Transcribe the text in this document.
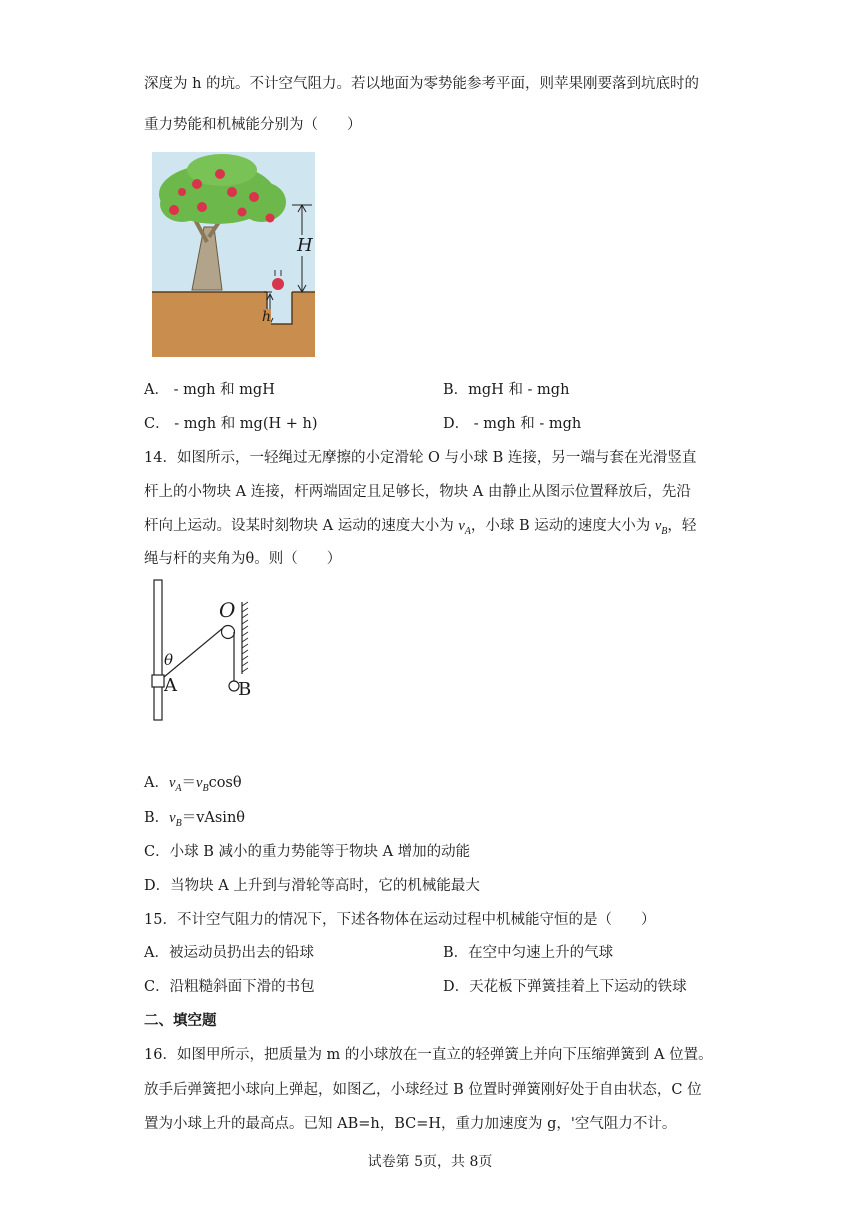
深度为 h 的坑。不计空气阻力。若以地面为零势能参考平面，则苹果刚要落到坑底时的
重力势能和机械能分别为（　　）
H
h
A． - mgh 和 mgH	B．mgH 和 - mgh
C． - mgh 和 mg(H + h)	D． - mgh 和 - mgh
14．如图所示，一轻绳过无摩擦的小定滑轮 O 与小球 B 连接，另一端与套在光滑竖直
杆上的小物块 A 连接，杆两端固定且足够长，物块 A 由静止从图示位置释放后，先沿
杆向上运动。设某时刻物块 A 运动的速度大小为 $v_A$，小球 B 运动的速度大小为 $v_B$，轻
绳与杆的夹角为θ。则（　　）
O
θ
A	B
A．$v_A=v_B\cos\theta$
B．$v_B=vAsin\theta$
C．小球 B 减小的重力势能等于物块 A 增加的动能
D．当物块 A 上升到与滑轮等高时，它的机械能最大
15．不计空气阻力的情况下，下述各物体在运动过程中机械能守恒的是（　　）
A．被运动员扔出去的铅球	B．在空中匀速上升的气球
C．沿粗糙斜面下滑的书包	D．天花板下弹簧挂着上下运动的铁球
二、填空题
16．如图甲所示，把质量为 m 的小球放在一直立的轻弹簧上并向下压缩弹簧到 A 位置。
放手后弹簧把小球向上弹起，如图乙，小球经过 B 位置时弹簧刚好处于自由状态，C 位
置为小球上升的最高点。已知 AB=h，BC=H，重力加速度为 g，'空气阻力不计。
试卷第 5页，共 8页
